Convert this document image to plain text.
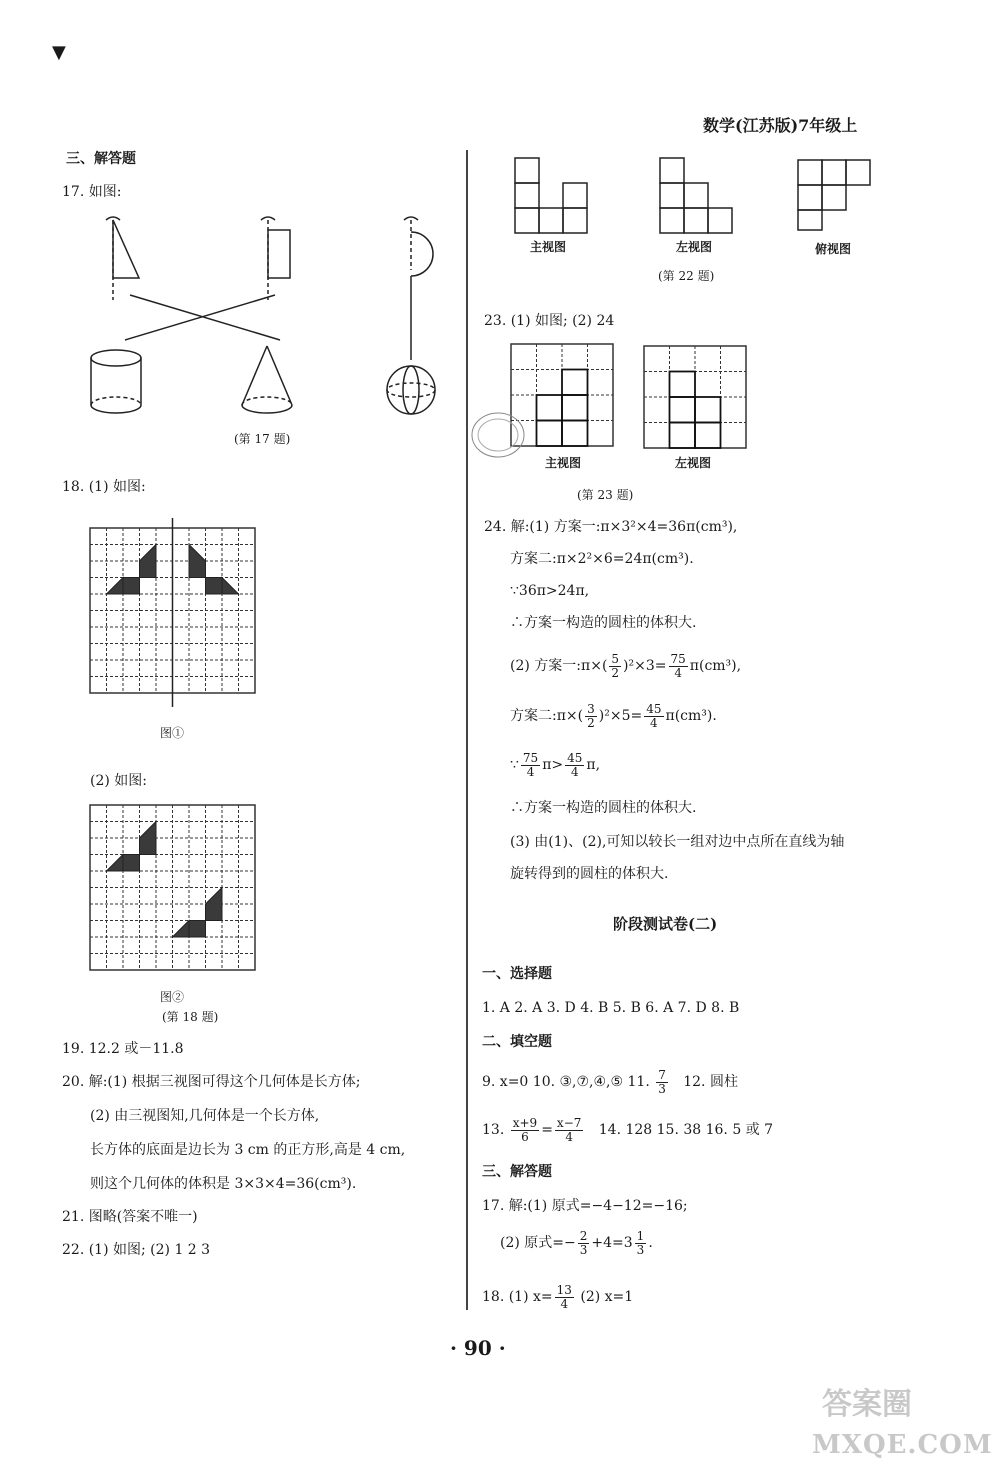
▼
数学(江苏版)7年级上
三、解答题
17. 如图:
(第 17 题)
18. (1) 如图:
图①
(2) 如图:
图②
(第 18 题)
19. 12.2 或－11.8
20. 解:(1) 根据三视图可得这个几何体是长方体;
(2) 由三视图知,几何体是一个长方体,
长方体的底面是边长为 3 cm 的正方形,高是 4 cm,
则这个几何体的体积是 3×3×4=36(cm³).
21. 图略(答案不唯一)
22. (1) 如图; (2) 1 2 3
主视图	左视图	俯视图
(第 22 题)
23. (1) 如图; (2) 24
主视图	左视图
(第 23 题)
24. 解:(1) 方案一:π×3²×4=36π(cm³),
方案二:π×2²×6=24π(cm³).
∵36π>24π,
∴方案一构造的圆柱的体积大.
(2) 方案一:π×( $\frac{5}{2} )^2\times 3= \frac{75}{4} \pi(cm^3)$,
方案二:π×( $\frac{3}{2} )^2\times 5= \frac{45}{4} \pi(cm^3)$.
∵ $\frac{75}{4} \pi> \frac{45}{4} \pi$,
∴方案一构造的圆柱的体积大.
(3) 由(1)、(2),可知以较长一组对边中点所在直线为轴
旋转得到的圆柱的体积大.
阶段测试卷(二)
一、选择题
1. A 2. A 3. D 4. B 5. B 6. A 7. D 8. B
二、填空题
9. x=0 10. ③,⑦,④,⑤ 11. $\frac{7}{3} 12$. 圆柱
13. $\frac{x+9}{6} = \frac{x-7}{4} 14$. 128 15. 38 16. 5 或 7
三、解答题
17. 解:(1) 原式=−4−12=−16;
(2) 原式=− $\frac{2}{3} +4=3 \frac{1}{3}$ .
18. (1) $x= \frac{13}{4} (2)$ x=1
· 90 ·
答案圈
MXQE.COM
